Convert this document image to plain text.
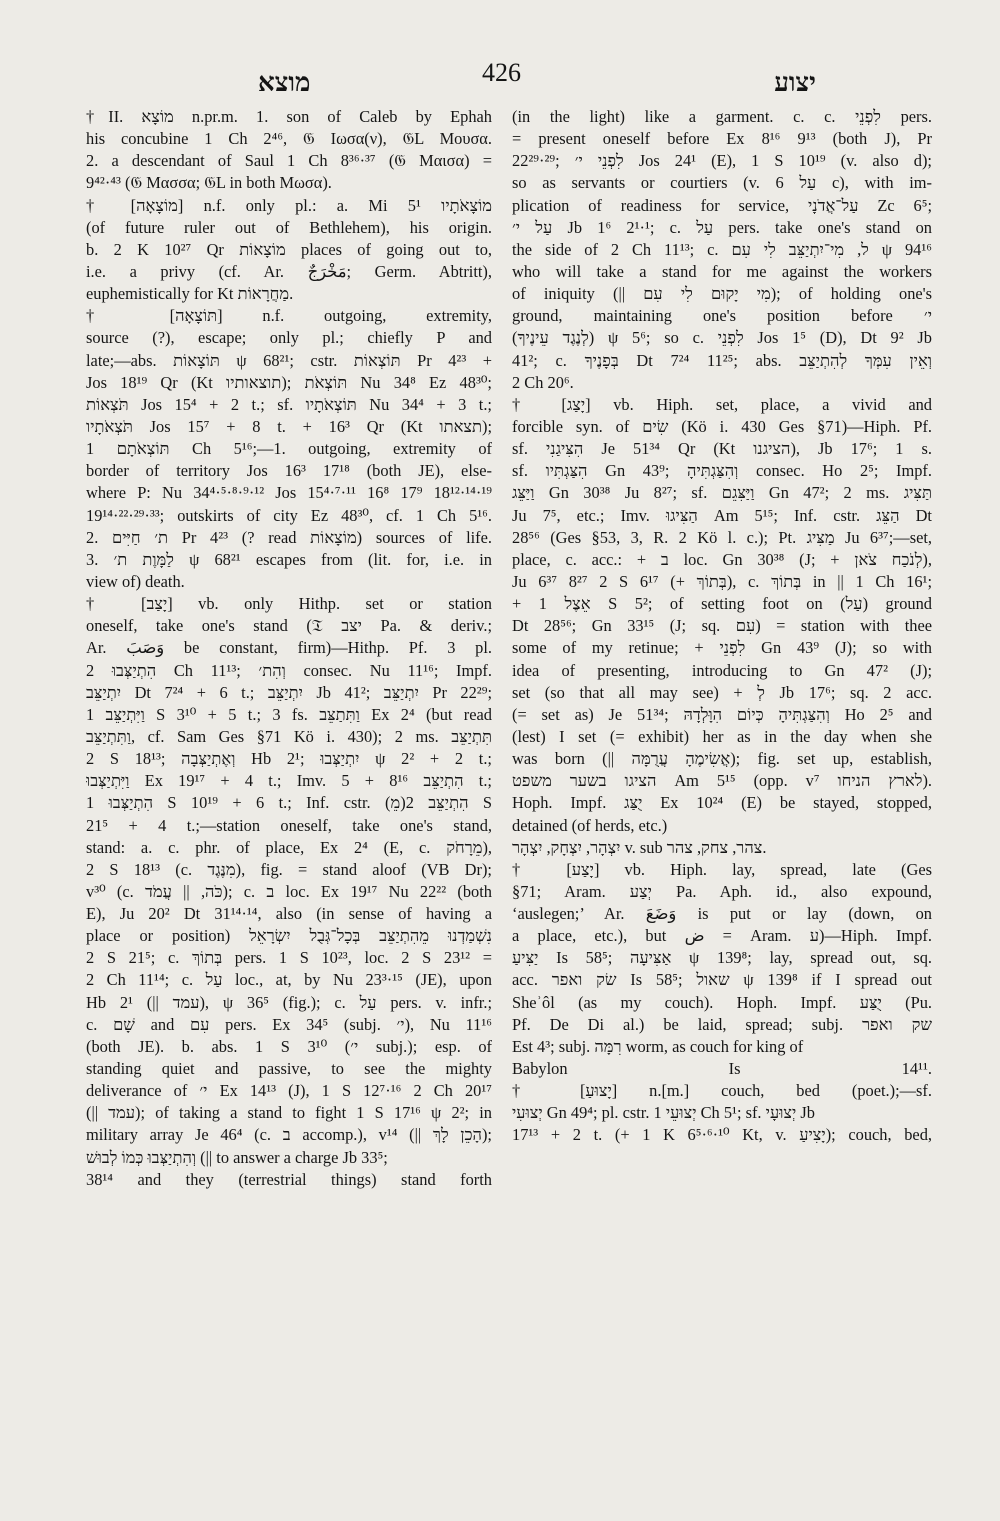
מוצא	426	יצוע
†II. מוֹצָא n.pr.m. 1. son of Caleb by Ephah
his concubine 1 Ch 2⁴⁶, 𝔊 Ιωσα(ν), 𝔊L Μουσα.
2. a descendant of Saul 1 Ch 8³⁶·³⁷ (𝔊 Μαισα) =
9⁴²·⁴³ (𝔊 Μασσα; 𝔊L in both Μωσα).
† [מוֹצָאָה] n.f. only pl.: a. Mi 5¹ מוֹצָאֹתָיו
(of future ruler out of Bethlehem), his origin.
b. 2 K 10²⁷ Qr מוֹצָאוֹת places of going out to,
i.e. a privy (cf. Ar. مَخْرَجٌ; Germ. Abtritt),
euphemistically for Kt מַחֲרָאוֹת.
† [תּוֹצָאָה] n.f. outgoing, extremity,
source (?), escape; only pl.; chiefly P and
late;—abs. תּוֹצָאוֹת ψ 68²¹; cstr. תּוֹצְאוֹת Pr 4²³ +
Jos 18¹⁹ Qr (Kt תוצאותיו); תּוֹצְאֹת Nu 34⁸ Ez 48³⁰;
תֹּצְאוֹת Jos 15⁴ + 2 t.; sf. תּוֹצְאֹתָיו Nu 34⁴ + 3 t.;
תֹּצְאֹתָיו Jos 15⁷ + 8 t. + 16³ Qr (Kt תצאתו);
תּוֹצְאֹתָם 1 Ch 5¹⁶;—1. outgoing, extremity of
border of territory Jos 16³ 17¹⁸ (both JE), else-
where P: Nu 34⁴·⁵·⁸·⁹·¹² Jos 15⁴·⁷·¹¹ 16⁸ 17⁹ 18¹²·¹⁴·¹⁹
19¹⁴·²²·²⁹·³³; outskirts of city Ez 48³⁰, cf. 1 Ch 5¹⁶.
2. ת׳ חַיִּים Pr 4²³ (? read מוֹצָאוֹת) sources of life.
3. לַמָּוֶת ת׳ ψ 68²¹ escapes from (lit. for, i.e. in
view of) death.
† [יָצַב] vb. only Hithp. set or station
oneself, take one's stand (𝔗 יצב Pa. & deriv.;
Ar. وَصَبَ be constant, firm)—Hithp. Pf. 3 pl.
הִתְיַצְּבוּ 2 Ch 11¹³; וְהִת׳ consec. Nu 11¹⁶; Impf.
יִתְיַצֵּב Dt 7²⁴ + 6 t.; יִתְיַצֵּב Jb 41²; יִתְיַצֵּב Pr 22²⁹;
וַיִּתְיַצֵּב 1 S 3¹⁰ + 5 t.; 3 fs. וַתִּתַצֵּב Ex 2⁴ (but read
וַתִּתְיַצֵּב, cf. Sam Ges §71 Kö i. 430); 2 ms. תִּתְיַצֵּב
2 S 18¹³; וְאֶתְיַצְּבָה Hb 2¹; יִתְיַצְּבוּ ψ 2² + 2 t.;
וַיִּתְיַצְּבוּ Ex 19¹⁷ + 4 t.; Imv. הִתְיַצֵּב 8¹⁶ + 5 t.;
הִתְיַצְּבוּ 1 S 10¹⁹ + 6 t.; Inf. cstr. (מֵ)הִתְיַצֵּב 2 S
21⁵ + 4 t.;—station oneself, take one's stand,
stand: a. c. phr. of place, Ex 2⁴ (E, c. מֵרָחֹק),
2 S 18¹³ (c. מִנֶּגֶד), fig. = stand aloof (VB Dr);
v³⁰ (c. כֹּה, || עֲמֹד); c. ב loc. Ex 19¹⁷ Nu 22²² (both
E), Ju 20² Dt 31¹⁴·¹⁴, also (in sense of having a
place or position) נִשְׁמַדְנוּ מֵהִתְיַצֵּב בְּכָל־גְּבֻל יִשְׂרָאֵל
2 S 21⁵; c. בְּתוֹךְ pers. 1 S 10²³, loc. 2 S 23¹² =
2 Ch 11¹⁴; c. עַל loc., at, by Nu 23³·¹⁵ (JE), upon
Hb 2¹ (|| עמד), ψ 36⁵ (fig.); c. עַל pers. v. infr.;
c. שָׁם and עִם pers. Ex 34⁵ (subj. י׳), Nu 11¹⁶
(both JE). b. abs. 1 S 3¹⁰ (י׳ subj.); esp. of
standing quiet and passive, to see the mighty
deliverance of י׳ Ex 14¹³ (J), 1 S 12⁷·¹⁶ 2 Ch 20¹⁷
(|| עמד); of taking a stand to fight 1 S 17¹⁶ ψ 2²; in
military array Je 46⁴ (c. ב accomp.), v¹⁴ (|| הָכֵן לָךְ);
וְהִתְיַצְּבוּ כְּמוֹ לְבוּשׁ (|| to answer a charge Jb 33⁵;
38¹⁴ and they (terrestrial things) stand forth
(in the light) like a garment. c. c. לִפְנֵי pers.
= present oneself before Ex 8¹⁶ 9¹³ (both J), Pr
22²⁹·²⁹; לִפְנֵי י׳ Jos 24¹ (E), 1 S 10¹⁹ (v. also d);
so as servants or courtiers (v. עַל 6 c), with im-
plication of readiness for service, עַל־אֲדֹנָי Zc 6⁵;
עַל י׳ Jb 1⁶ 2¹·¹; c. עַל pers. take one's stand on
the side of 2 Ch 11¹³; c. ל, מִי־יִתְיַצֵּב לִי עִם ψ 94¹⁶
who will take a stand for me against the workers
of iniquity (|| מִי יָקוּם לִי עִם); of holding one's
ground, maintaining one's position before י׳
(לְנֶגֶד עֵינֶיךָ) ψ 5⁶; so c. לִפְנֵי Jos 1⁵ (D), Dt 9² Jb
41²; c. בְּפָנֶיךָ Dt 7²⁴ 11²⁵; abs. וְאֵין עִמְּךָ לְהִתְיַצֵּב
2 Ch 20⁶.
† [יָצַג] vb. Hiph. set, place, a vivid and
forcible syn. of שִׂים (Kö i. 430 Ges §71)—Hiph. Pf.
sf. הִצִּיגַנִי Je 51³⁴ Qr (Kt הציגנו), Jb 17⁶; 1 s.
sf. הִצַּגְתִּיו Gn 43⁹; וְהִצַּגְתִּיהָ consec. Ho 2⁵; Impf.
וַיַּצֵּג Gn 30³⁸ Ju 8²⁷; sf. וַיַּצִּגֵם Gn 47²; 2 ms. תַּצִּיג
Ju 7⁵, etc.; Imv. הַצִּיגוּ Am 5¹⁵; Inf. cstr. הַצֵּג Dt
28⁵⁶ (Ges §53, 3, R. 2 Kö l. c.); Pt. מַצִּיג Ju 6³⁷;—set,
place, c. acc.: + ב loc. Gn 30³⁸ (J; + לְנֹכַח צֹאן),
Ju 6³⁷ 8²⁷ 2 S 6¹⁷ (+ בְּתוֹךְ), c. בְּתוֹךְ in || 1 Ch 16¹;
+ אֵצֶל 1 S 5²; of setting foot on (עַל) ground
Dt 28⁵⁶; Gn 33¹⁵ (J; sq. עִם) = station with thee
some of my retinue; + לִפְנֵי Gn 43⁹ (J); so with
idea of presenting, introducing to Gn 47² (J);
set (so that all may see) + לְ Jb 17⁶; sq. 2 acc.
(= set as) Je 51³⁴; וְהִצַּגְתִּיהָ כְּיוֹם הִוָּלְדָהּ Ho 2⁵ and
(lest) I set (= exhibit) her as in the day when she
was born (|| אֲשִׂימֶהָ עֲרֻמָּה); fig. set up, establish,
הציגו בשער משפט Am 5¹⁵ (opp. v⁷ לארץ הניחו).
Hoph. Impf. יֻצַּג Ex 10²⁴ (E) be stayed, stopped,
detained (of herds, etc.)
יִצְהָר, יִצְחָק, יִצְהָר v. sub צהר, צחק, צהר.
† [יָצַע] vb. Hiph. lay, spread, late (Ges
§71; Aram. יְצַע Pa. Aph. id., also expound,
‘auslegen;’ Ar. وَضَعَ is put or lay (down, on
a place, etc.), but ض = Aram. ע)—Hiph. Impf.
יַצִּיעַ Is 58⁵; אַצִּיעָה ψ 139⁸; lay, spread out, sq.
acc. שׂק ואפר Is 58⁵; שאול ψ 139⁸ if I spread out
Sheʾôl (as my couch). Hoph. Impf. יֻצַּע (Pu.
Pf. De Di al.) be laid, spread; subj. שק ואפר
Est 4³; subj. רִמָּה worm, as couch for king of
Babylon Is 14¹¹.
† [יָצוּעַ] n.[m.] couch, bed (poet.);—sf.
יְצוּעִי Gn 49⁴; pl. cstr. יְצוּעֵי 1 Ch 5¹; sf. יְצוּעָי Jb
17¹³ + 2 t. (+ 1 K 6⁵·⁶·¹⁰ Kt, v. יָצִיעַ); couch, bed,
